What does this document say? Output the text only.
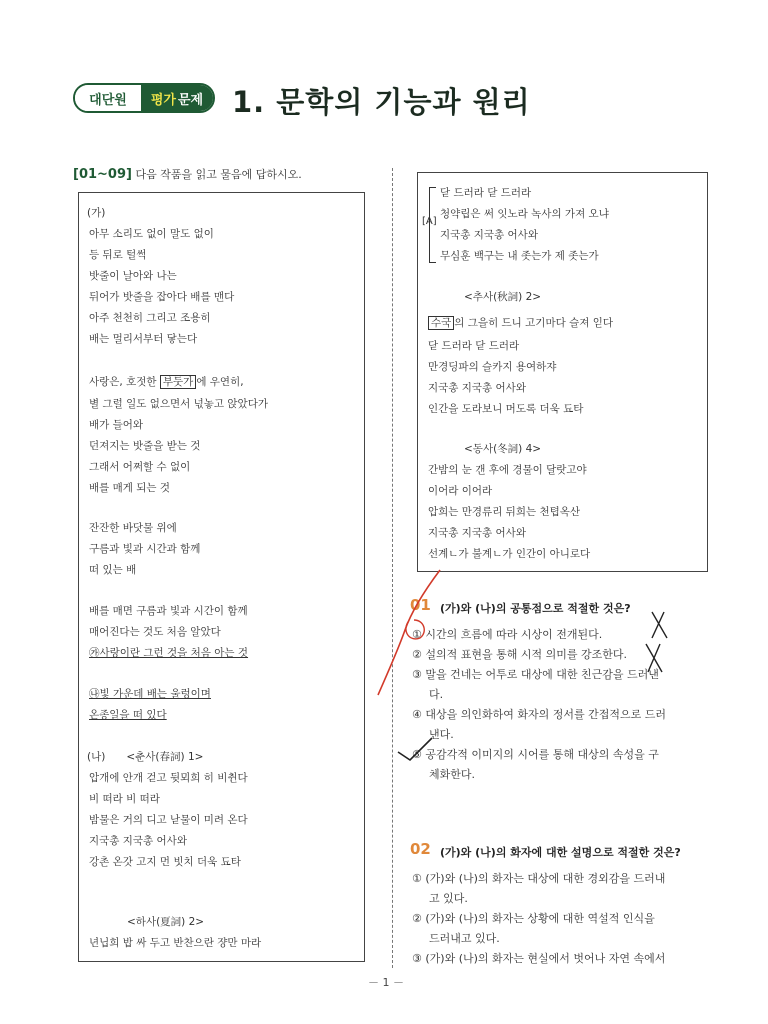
대단원	평가 문제 1. 문학의 기능과 원리
[01~09] 다음 작품을 읽고 물음에 답하시오.
(가)
아무 소리도 없이 말도 없이
등 뒤로 털썩
밧줄이 날아와 나는
뒤어가 밧줄을 잡아다 배를 맨다
아주 천천히 그리고 조용히
배는 멀리서부터 닿는다
사랑은, 호젓한 부둣가 에 우연히,
별 그럴 일도 없으면서 넋놓고 앉았다가
배가 들어와
던져지는 밧줄을 받는 것
그래서 어쩌할 수 없이
배를 매게 되는 것
잔잔한 바닷물 위에
구름과 빛과 시간과 함께
떠 있는 배
배를 매면 구름과 빛과 시간이 함께
매어진다는 것도 처음 알았다
㉮사랑이란 그런 것을 처음 아는 것
㉯빛 가운데 배는 울렁이며
온종일을 떠 있다
(나)　　<춘사(春詞) 1>
압개에 안개 걷고 뒷뫼희 히 비췬다
비 떠라 비 떠라
밤물은 거의 디고 낟물이 미려 온다
지국총 지국총 어사와
강촌 온갓 고지 먼 빗치 더욱 됴타
<하사(夏詞) 2>
년닙희 밥 싸 두고 반찬으란 쟝만 마라
[A]
닫 드러라 닫 드러라
청약립은 써 잇노라 녹사의 가져 오냐
지국총 지국총 어사와
무심훈 백구는 내 좃는가 제 좃는가
<추사(秋詞) 2>
수국 의 그을히 드니 고기마다 슬져 읻다
닫 드러라 닫 드러라
만경딩파의 슬카지 용여하쟈
지국총 지국총 어사와
인간을 도라보니 머도록 더욱 됴타
<동사(冬詞) 4>
간밤의 눈 갠 후에 경물이 달랏고야
이어라 이어라
압희는 만경류리 뒤희는 천텹옥산
지국총 지국총 어사와
선계ㄴ가 불계ㄴ가 인간이 아니로다
01 (가)와 (나)의 공통점으로 적절한 것은?
① 시간의 흐름에 따라 시상이 전개된다.
② 설의적 표현을 통해 시적 의미를 강조한다.
③ 말을 건네는 어투로 대상에 대한 친근감을 드러낸
다.
④ 대상을 의인화하여 화자의 정서를 간접적으로 드러
낸다.
⑤ 공감각적 이미지의 시어를 통해 대상의 속성을 구
체화한다.
02 (가)와 (나)의 화자에 대한 설명으로 적절한 것은?
① (가)와 (나)의 화자는 대상에 대한 경외감을 드러내
고 있다.
② (가)와 (나)의 화자는 상황에 대한 역설적 인식을
드러내고 있다.
③ (가)와 (나)의 화자는 현실에서 벗어나 자연 속에서
－ 1 －
